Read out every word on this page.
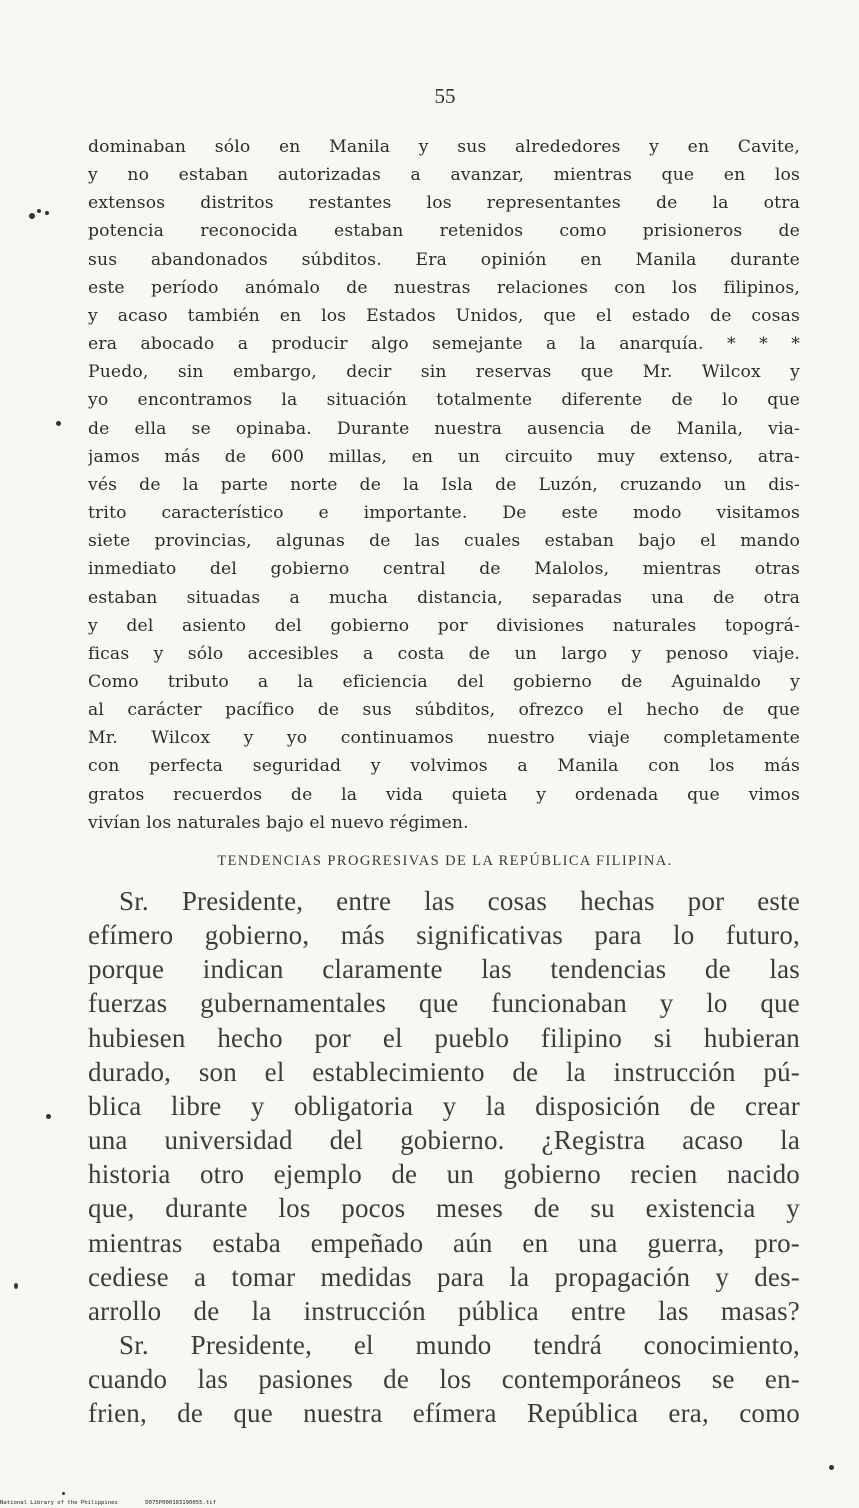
55
dominaban sólo en Manila y sus alrededores y en Cavite,
y no estaban autorizadas a avanzar, mientras que en los
extensos distritos restantes los representantes de la otra
potencia reconocida estaban retenidos como prisioneros de
sus abandonados súbditos. Era opinión en Manila durante
este período anómalo de nuestras relaciones con los filipinos,
y acaso también en los Estados Unidos, que el estado de cosas
era abocado a producir algo semejante a la anarquía. * * *
Puedo, sin embargo, decir sin reservas que Mr. Wilcox y
yo encontramos la situación totalmente diferente de lo que
de ella se opinaba. Durante nuestra ausencia de Manila, via-
jamos más de 600 millas, en un circuito muy extenso, atra-
vés de la parte norte de la Isla de Luzón, cruzando un dis-
trito característico e importante. De este modo visitamos
siete provincias, algunas de las cuales estaban bajo el mando
inmediato del gobierno central de Malolos, mientras otras
estaban situadas a mucha distancia, separadas una de otra
y del asiento del gobierno por divisiones naturales topográ-
ficas y sólo accesibles a costa de un largo y penoso viaje.
Como tributo a la eficiencia del gobierno de Aguinaldo y
al carácter pacífico de sus súbditos, ofrezco el hecho de que
Mr. Wilcox y yo continuamos nuestro viaje completamente
con perfecta seguridad y volvimos a Manila con los más
gratos recuerdos de la vida quieta y ordenada que vimos
vivían los naturales bajo el nuevo régimen.
TENDENCIAS PROGRESIVAS DE LA REPÚBLICA FILIPINA.
Sr. Presidente, entre las cosas hechas por este
efímero gobierno, más significativas para lo futuro,
porque indican claramente las tendencias de las
fuerzas gubernamentales que funcionaban y lo que
hubiesen hecho por el pueblo filipino si hubieran
durado, son el establecimiento de la instrucción pú-
blica libre y obligatoria y la disposición de crear
una universidad del gobierno. ¿Registra acaso la
historia otro ejemplo de un gobierno recien nacido
que, durante los pocos meses de su existencia y
mientras estaba empeñado aún en una guerra, pro-
cediese a tomar medidas para la propagación y des-
arrollo de la instrucción pública entre las masas?
Sr. Presidente, el mundo tendrá conocimiento,
cuando las pasiones de los contemporáneos se en-
frien, de que nuestra efímera República era, como
National Library of the Philippines	D075P000103190055.tif
